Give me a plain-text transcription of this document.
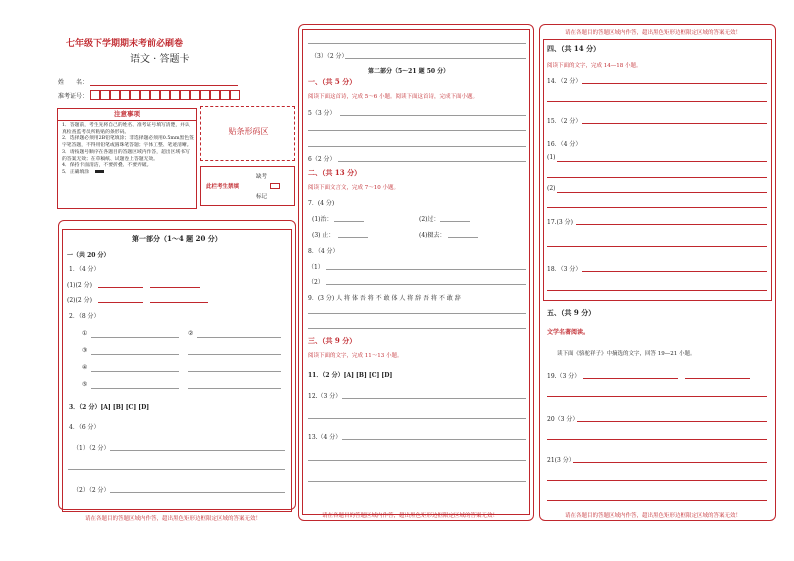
七年级下学期期末考前必刷卷
语文 · 答题卡
姓　　名：
准考证号：
注意事项
1．答题前，考生先将自己的姓名、准考证号填写清楚，并认真检查监考员所粘贴的条形码。
2．选择题必须用2B铅笔填涂；非选择题必须用0.5mm黑色签字笔答题，不得用铅笔或圆珠笔答题；字体工整、笔迹清晰。
3．请按题号顺序在各题目的答题区域内作答，超出区域书写的答案无效；在草稿纸、试题卷上答题无效。
4．保持卡面清洁，不要折叠、不要弄破。
5．正确填涂
贴条形码区
此栏考生禁填
缺考
标记
第一部分（1～4 题 20 分）
一（共 20 分）
1．（4 分）
(1)(2 分)
(2)(2 分)
2．（8 分）
①	②
③
④
⑤
3．（2 分）[A] [B] [C] [D]
4．（6 分）
（1）（2 分）
（2）（2 分）
请在各题目的答题区域内作答，超出黑色矩形边框限定区域的答案无效！
（3）（2 分）
第二部分（5～21 题 50 分）
一、（共 5 分）
阅读下面这首诗，完成 5～6 小题。阅读下面这首诗，完成下面小题。
5（3 分）
6（2 分）
二、（共 13 分）
阅读下面文言文，完成 7～10 小题。
7．(4 分)
(1)治：	(2)过：
(3) 止：	(4)辍去：
8．（4 分）
（1）
（2）
9．(3 分) 人 将 体 吾 将 不 敢 体 人 将 辞 吾 将 不 敢 辞
三、（共 9 分）
阅读下面的文字，完成 11～13 小题。
11．（2 分）[A] [B] [C] [D]
12.（3 分）
13.（4 分）
请在各题目的答题区域内作答，超出黑色矩形边框限定区域的答案无效！
请在各题目的答题区域内作答，超出黑色矩形边框限定区域的答案无效！
四、（共 14 分）
阅读下面的文字，完成 14—18 小题。
14．（2 分）
15．（2 分）
16．（4 分）
(1)
(2)
17.(3 分)
18．（3 分）
五、（共 9 分）
文学名著阅读。
读下面《骆驼祥子》中摘选的文字，回答 19—21 小题。
19.（3 分）
20（3 分）
21(3 分）
请在各题目的答题区域内作答，超出黑色矩形边框限定区域的答案无效！
